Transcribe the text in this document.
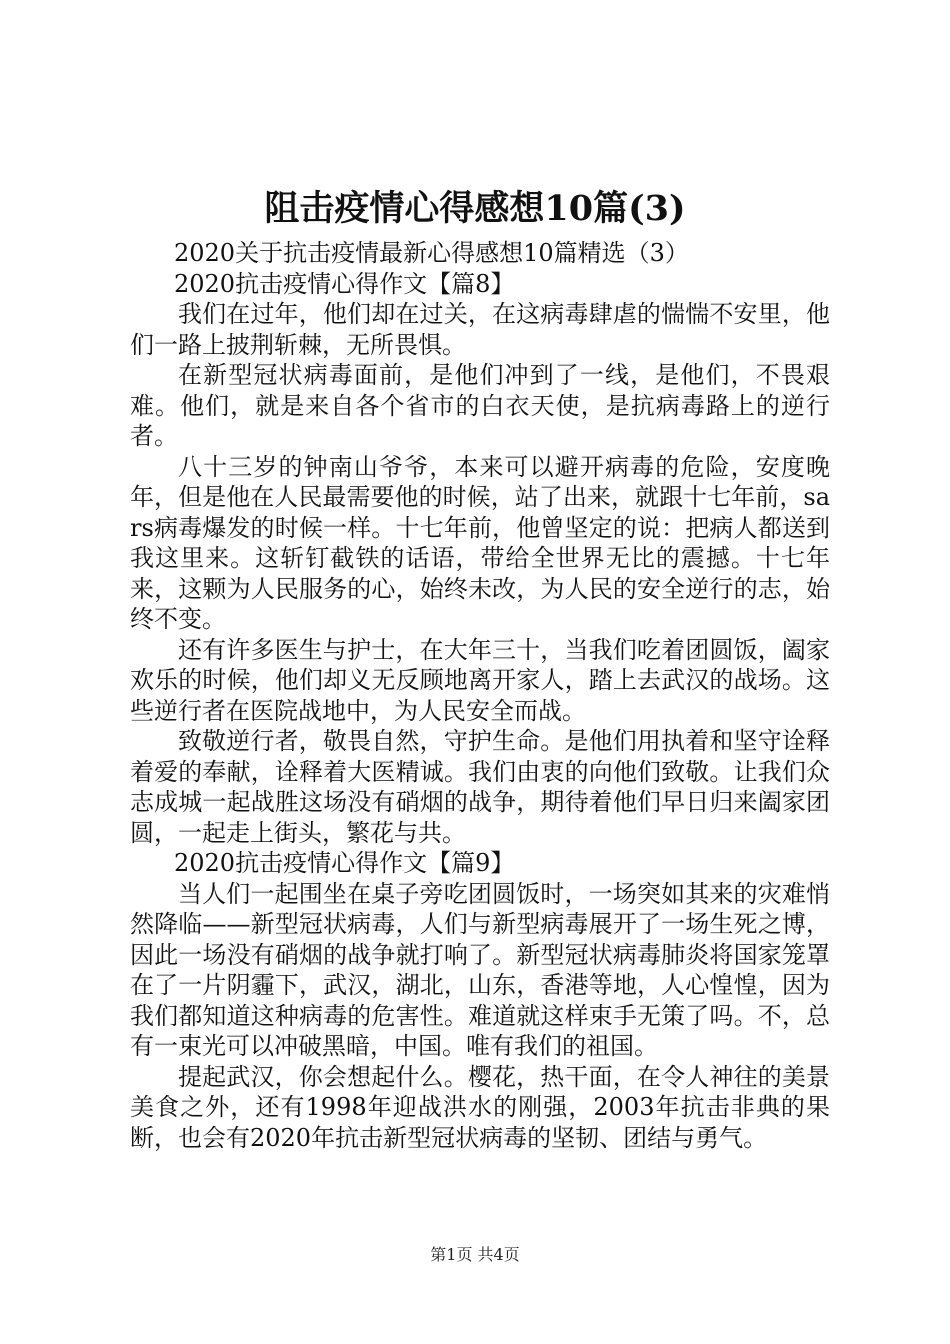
阻击疫情心得感想10篇(3)

2020关于抗击疫情最新心得感想10篇精选（3）

2020抗击疫情心得作文【篇8】

我们在过年，他们却在过关，在这病毒肆虐的惴惴不安里，他们一路上披荆斩棘，无所畏惧。

在新型冠状病毒面前，是他们冲到了一线，是他们，不畏艰难。他们，就是来自各个省市的白衣天使，是抗病毒路上的逆行者。

八十三岁的钟南山爷爷，本来可以避开病毒的危险，安度晚年，但是他在人民最需要他的时候，站了出来，就跟十七年前，sars病毒爆发的时候一样。十七年前，他曾坚定的说：把病人都送到我这里来。这斩钉截铁的话语，带给全世界无比的震撼。十七年来，这颗为人民服务的心，始终未改，为人民的安全逆行的志，始终不变。

还有许多医生与护士，在大年三十，当我们吃着团圆饭，阖家欢乐的时候，他们却义无反顾地离开家人，踏上去武汉的战场。这些逆行者在医院战地中，为人民安全而战。

致敬逆行者，敬畏自然，守护生命。是他们用执着和坚守诠释着爱的奉献，诠释着大医精诚。我们由衷的向他们致敬。让我们众志成城一起战胜这场没有硝烟的战争，期待着他们早日归来阖家团圆，一起走上街头，繁花与共。

2020抗击疫情心得作文【篇9】

当人们一起围坐在桌子旁吃团圆饭时，一场突如其来的灾难悄然降临——新型冠状病毒，人们与新型病毒展开了一场生死之博，因此一场没有硝烟的战争就打响了。新型冠状病毒肺炎将国家笼罩在了一片阴霾下，武汉，湖北，山东，香港等地，人心惶惶，因为我们都知道这种病毒的危害性。难道就这样束手无策了吗。不，总有一束光可以冲破黑暗，中国。唯有我们的祖国。

提起武汉，你会想起什么。樱花，热干面，在令人神往的美景美食之外，还有1998年迎战洪水的刚强，2003年抗击非典的果断，也会有2020年抗击新型冠状病毒的坚韧、团结与勇气。

第1页 共4页
